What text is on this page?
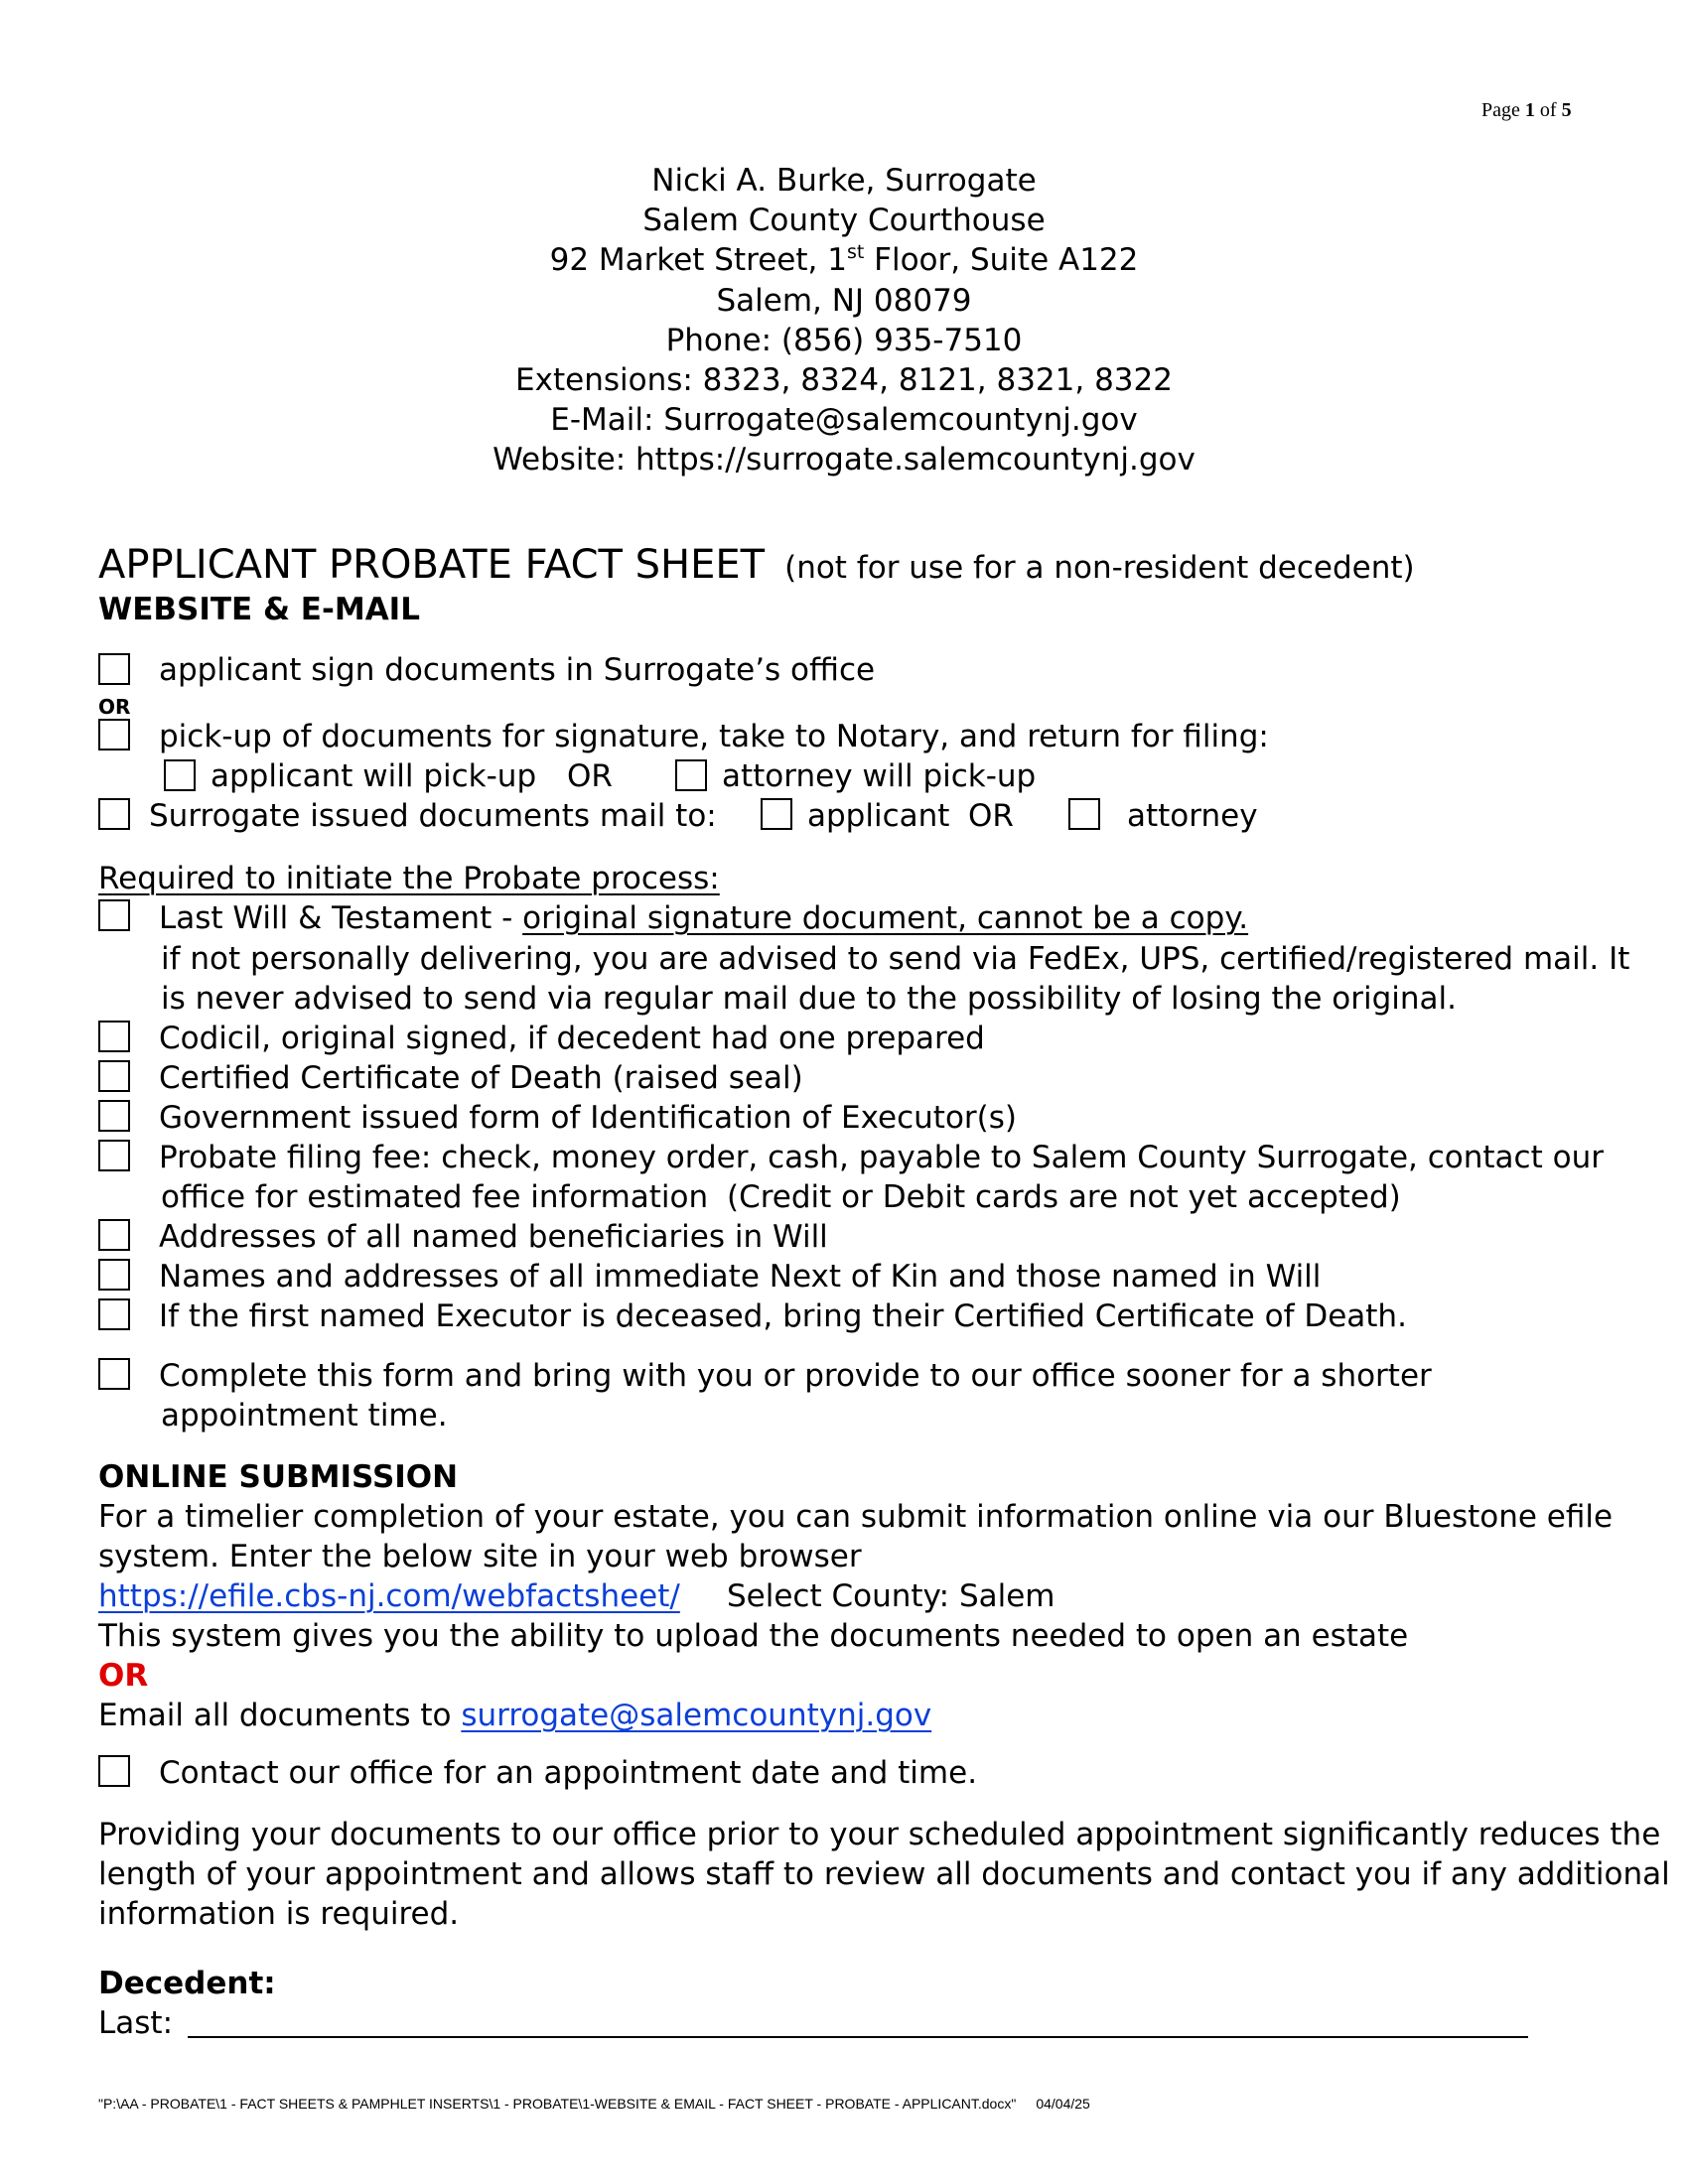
Page 1 of 5
Nicki A. Burke, Surrogate
Salem County Courthouse
92 Market Street, 1st Floor, Suite A122
Salem, NJ 08079
Phone: (856) 935-7510
Extensions: 8323, 8324, 8121, 8321, 8322
E-Mail: Surrogate@salemcountynj.gov
Website: https://surrogate.salemcountynj.gov
APPLICANT PROBATE FACT SHEET (not for use for a non-resident decedent)
WEBSITE & E-MAIL
applicant sign documents in Surrogate’s office
OR
pick-up of documents for signature, take to Notary, and return for filing:
applicant will pick-up OR	attorney will pick-up
Surrogate issued documents mail to:	applicant OR	attorney
Required to initiate the Probate process:
Last Will & Testament - original signature document, cannot be a copy.
if not personally delivering, you are advised to send via FedEx, UPS, certified/registered mail. It
is never advised to send via regular mail due to the possibility of losing the original.
Codicil, original signed, if decedent had one prepared
Certified Certificate of Death (raised seal)
Government issued form of Identification of Executor(s)
Probate filing fee: check, money order, cash, payable to Salem County Surrogate, contact our
office for estimated fee information (Credit or Debit cards are not yet accepted)
Addresses of all named beneficiaries in Will
Names and addresses of all immediate Next of Kin and those named in Will
If the first named Executor is deceased, bring their Certified Certificate of Death.
Complete this form and bring with you or provide to our office sooner for a shorter
appointment time.
ONLINE SUBMISSION
For a timelier completion of your estate, you can submit information online via our Bluestone efile
system. Enter the below site in your web browser
https://efile.cbs-nj.com/webfactsheet/ Select County: Salem
This system gives you the ability to upload the documents needed to open an estate
OR
Email all documents to surrogate@salemcountynj.gov
Contact our office for an appointment date and time.
Providing your documents to our office prior to your scheduled appointment significantly reduces the
length of your appointment and allows staff to review all documents and contact you if any additional
information is required.
Decedent:
Last:
"P:\AA - PROBATE\1 - FACT SHEETS & PAMPHLET INSERTS\1 - PROBATE\1-WEBSITE & EMAIL - FACT SHEET - PROBATE - APPLICANT.docx" 04/04/25
